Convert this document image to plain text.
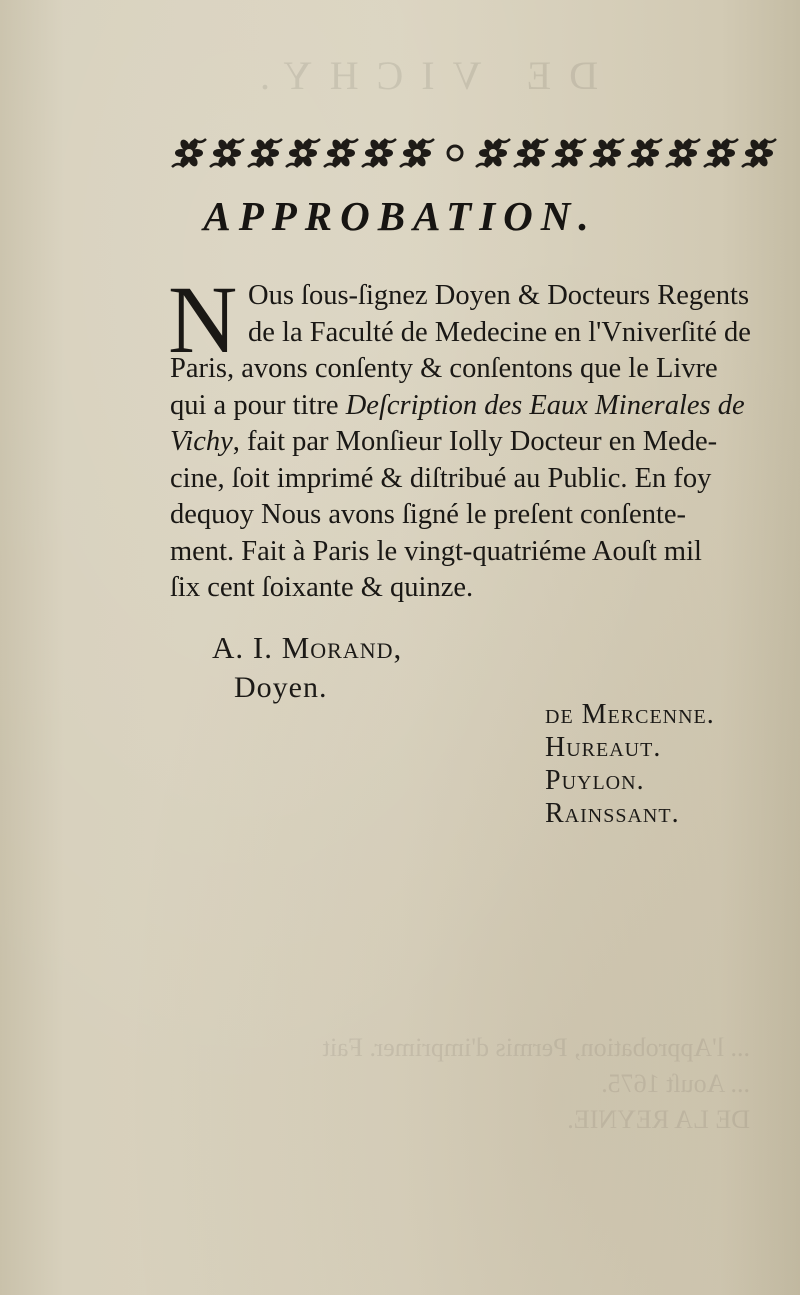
DE VICHY.
APPROBATION.
N Ous ſous-ſignez Doyen & Docteurs Regents
de la Faculté de Medecine en l'Vniverſité de
Paris, avons conſenty & conſentons que le Livre
qui a pour titre Deſcription des Eaux Minerales de
Vichy, fait par Monſieur Iolly Docteur en Mede-
cine, ſoit imprimé & diſtribué au Public. En foy
dequoy Nous avons ſigné le preſent conſente-
ment. Fait à Paris le vingt-quatriéme Aouſt mil
ſix cent ſoixante & quinze.
A. I. Morand,
Doyen.
de Mercenne.
Hureaut.
Puylon.
Rainssant.
... l'Approbation, Permis d'imprimer. Fait
... Aouſt 1675.
DE LA REYNIE.
